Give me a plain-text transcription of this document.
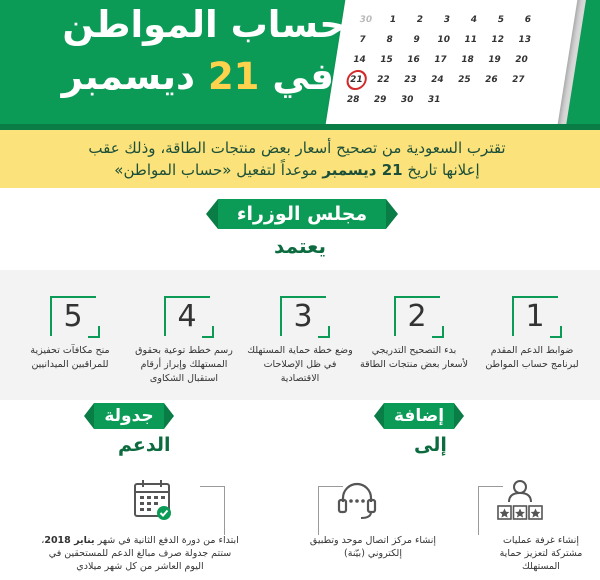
30	1	2	3	4	5	6
7	8	9	10	11	12	13
14	15	16	17	18	19	20
21	22	23	24	25	26	27
28	29	30	31
حساب المواطن
في 21 ديسمبر

تقترب السعودية من تصحيح أسعار بعض منتجات الطاقة، وذلك عقب

إعلانها تاريخ 21 ديسمبر موعداً لتفعيل «حساب المواطن»

مجلس الوزراء
يعتمد
1
ضوابط الدعم المقدم لبرنامج حساب المواطن
2
بدء التصحيح التدريجي لأسعار بعض منتجات الطاقة
3
وضع خطة حماية المستهلك في ظل الإصلاحات الاقتصادية
4
رسم خطط توعية بحقوق المستهلك وإبراز أرقام استقبال الشكاوى
5
منح مكافآت تحفيزية للمراقبين الميدانيين
جدولة	إضافة
الدعم	إلى
ابتداء من دورة الدفع الثانية في شهر يناير 2018، ستتم جدولة صرف مبالغ الدعم للمستحقين في اليوم العاشر من كل شهر ميلادي
إنشاء مركز اتصال موحد وتطبيق إلكتروني (بيّنة)
إنشاء غرفة عمليات مشتركة لتعزيز حماية المستهلك
